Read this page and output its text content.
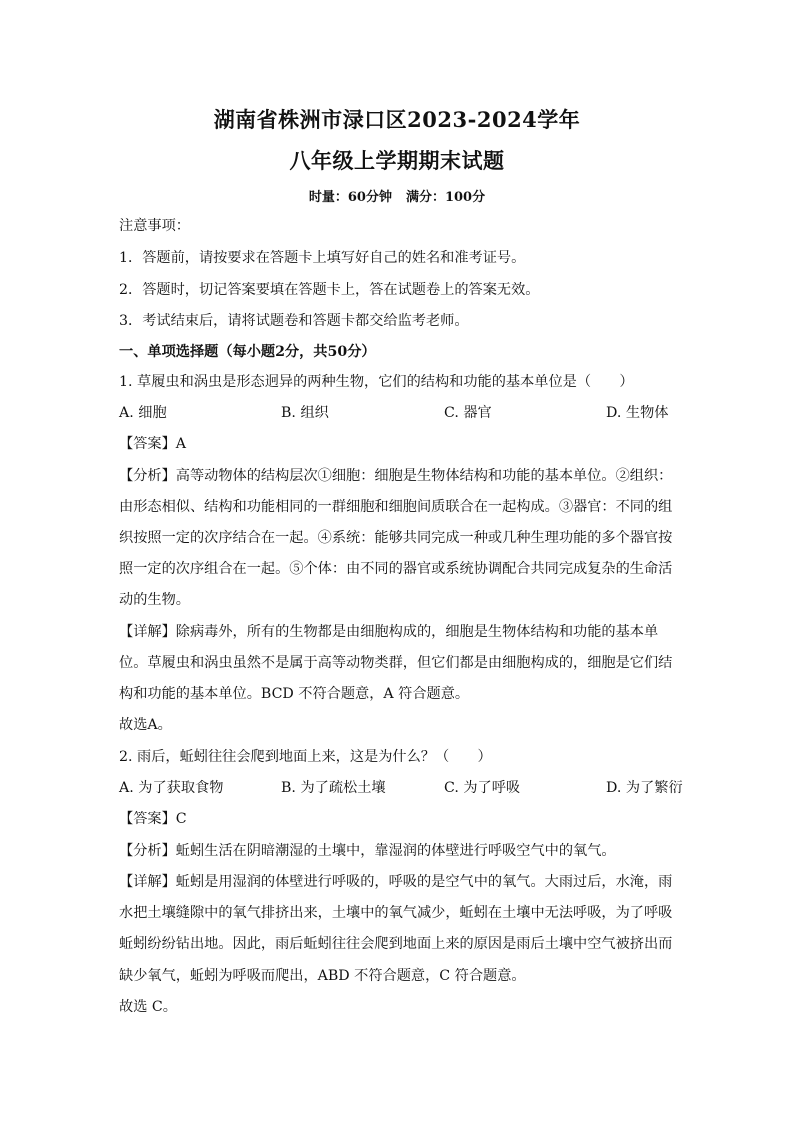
湖南省株洲市渌口区2023-2024学年
八年级上学期期末试题
时量：60分钟 满分：100分
注意事项：
1．答题前，请按要求在答题卡上填写好自己的姓名和准考证号。
2．答题时，切记答案要填在答题卡上，答在试题卷上的答案无效。
3．考试结束后，请将试题卷和答题卡都交给监考老师。
一、单项选择题（每小题2分，共50分）
1. 草履虫和涡虫是形态迥异的两种生物，它们的结构和功能的基本单位是（　　）
A. 细胞	B. 组织	C. 器官	D. 生物体
【答案】A
【分析】高等动物体的结构层次①细胞：细胞是生物体结构和功能的基本单位。②组织：
由形态相似、结构和功能相同的一群细胞和细胞间质联合在一起构成。③器官：不同的组
织按照一定的次序结合在一起。④系统：能够共同完成一种或几种生理功能的多个器官按
照一定的次序组合在一起。⑤个体：由不同的器官或系统协调配合共同完成复杂的生命活
动的生物。
【详解】除病毒外，所有的生物都是由细胞构成的，细胞是生物体结构和功能的基本单
位。草履虫和涡虫虽然不是属于高等动物类群，但它们都是由细胞构成的，细胞是它们结
构和功能的基本单位。BCD 不符合题意，A 符合题意。
故选A。
2. 雨后，蚯蚓往往会爬到地面上来，这是为什么？（　　）
A. 为了获取食物	B. 为了疏松土壤	C. 为了呼吸	D. 为了繁衍
【答案】C
【分析】蚯蚓生活在阴暗潮湿的土壤中，靠湿润的体壁进行呼吸空气中的氧气。
【详解】蚯蚓是用湿润的体壁进行呼吸的，呼吸的是空气中的氧气。大雨过后，水淹，雨
水把土壤缝隙中的氧气排挤出来，土壤中的氧气减少，蚯蚓在土壤中无法呼吸，为了呼吸
蚯蚓纷纷钻出地。因此，雨后蚯蚓往往会爬到地面上来的原因是雨后土壤中空气被挤出而
缺少氧气，蚯蚓为呼吸而爬出，ABD 不符合题意，C 符合题意。
故选 C。
